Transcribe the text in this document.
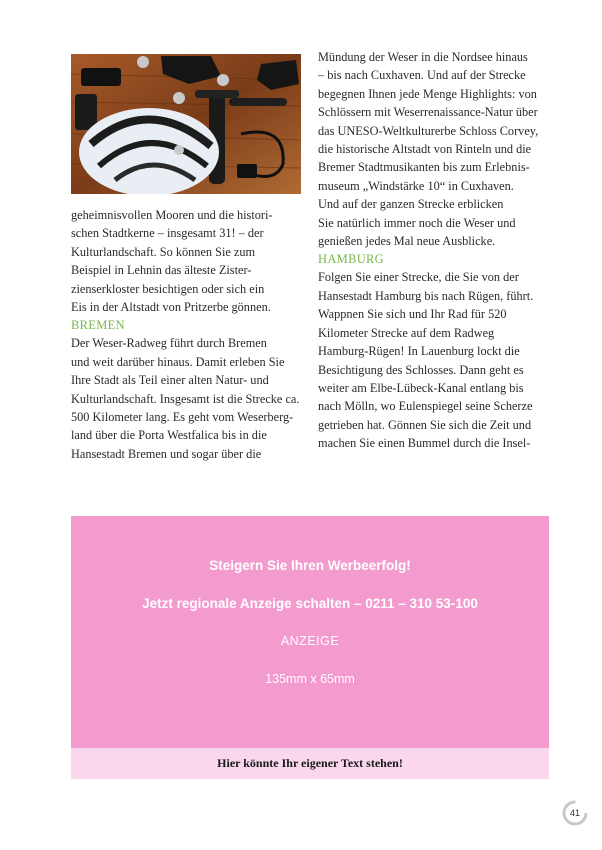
geheimnisvollen Mooren und die histori-
schen Stadtkerne – insgesamt 31! – der
Kulturlandschaft. So können Sie zum
Beispiel in Lehnin das älteste Zister-
zienserkloster besichtigen oder sich ein
Eis in der Altstadt von Pritzerbe gönnen.

BREMEN

Der Weser-Radweg führt durch Bremen
und weit darüber hinaus. Damit erleben Sie
Ihre Stadt als Teil einer alten Natur- und
Kulturlandschaft. Insgesamt ist die Strecke ca.
500 Kilometer lang. Es geht vom Weserberg-
land über die Porta Westfalica bis in die
Hansestadt Bremen und sogar über die

Mündung der Weser in die Nordsee hinaus
– bis nach Cuxhaven. Und auf der Strecke
begegnen Ihnen jede Menge Highlights: von
Schlössern mit Weserrenaissance-Natur über
das UNESO-Weltkulturerbe Schloss Corvey,
die historische Altstadt von Rinteln und die
Bremer Stadtmusikanten bis zum Erlebnis-
museum „Windstärke 10“ in Cuxhaven.
Und auf der ganzen Strecke erblicken
Sie natürlich immer noch die Weser und
genießen jedes Mal neue Ausblicke.

HAMBURG

Folgen Sie einer Strecke, die Sie von der
Hansestadt Hamburg bis nach Rügen, führt.
Wappnen Sie sich und Ihr Rad für 520
Kilometer Strecke auf dem Radweg
Hamburg-Rügen! In Lauenburg lockt die
Besichtigung des Schlosses. Dann geht es
weiter am Elbe-Lübeck-Kanal entlang bis
nach Mölln, wo Eulenspiegel seine Scherze
getrieben hat. Gönnen Sie sich die Zeit und
machen Sie einen Bummel durch die Insel-

Steigern Sie Ihren Werbeerfolg!
Jetzt regionale Anzeige schalten – 0211 – 310 53-100
ANZEIGE
135mm x 65mm
Hier könnte Ihr eigener Text stehen!
41
